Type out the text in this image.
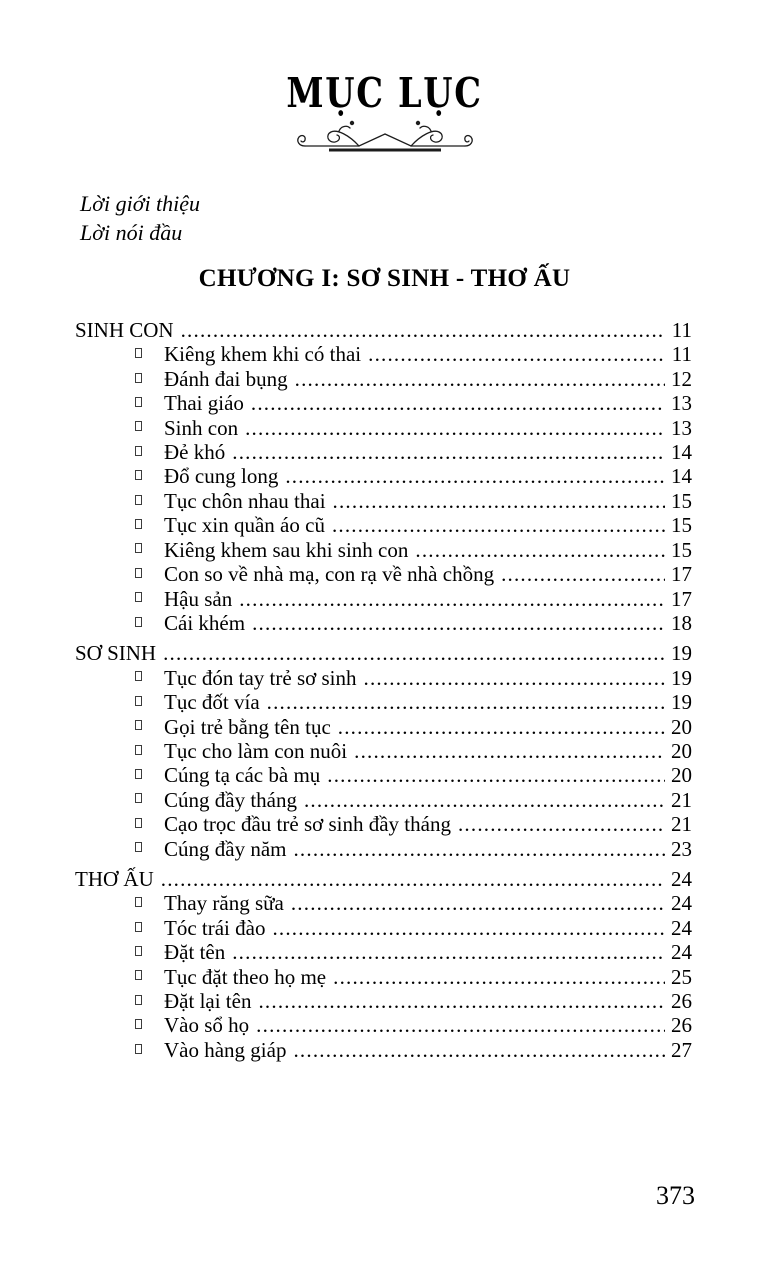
MỤC LỤC

Lời giới thiệu

Lời nói đầu

CHƯƠNG I: SƠ SINH - THƠ ẤU
SINH CON .....	11
Kiêng khem khi có thai .....	11
Đánh đai bụng .....	12
Thai giáo .....	13
Sinh con .....	13
Đẻ khó .....	14
Đổ cung long .....	14
Tục chôn nhau thai .....	15
Tục xin quần áo cũ .....	15
Kiêng khem sau khi sinh con .....	15
Con so về nhà mạ, con rạ về nhà chồng .....	17
Hậu sản .....	17
Cái khém .....	18
SƠ SINH .....	19
Tục đón tay trẻ sơ sinh .....	19
Tục đốt vía .....	19
Gọi trẻ bằng tên tục .....	20
Tục cho làm con nuôi .....	20
Cúng tạ các bà mụ .....	20
Cúng đầy tháng .....	21
Cạo trọc đầu trẻ sơ sinh đầy tháng .....	21
Cúng đầy năm .....	23
THƠ ẤU .....	24
Thay răng sữa .....	24
Tóc trái đào .....	24
Đặt tên .....	24
Tục đặt theo họ mẹ .....	25
Đặt lại tên .....	26
Vào sổ họ .....	26
Vào hàng giáp .....	27
373
